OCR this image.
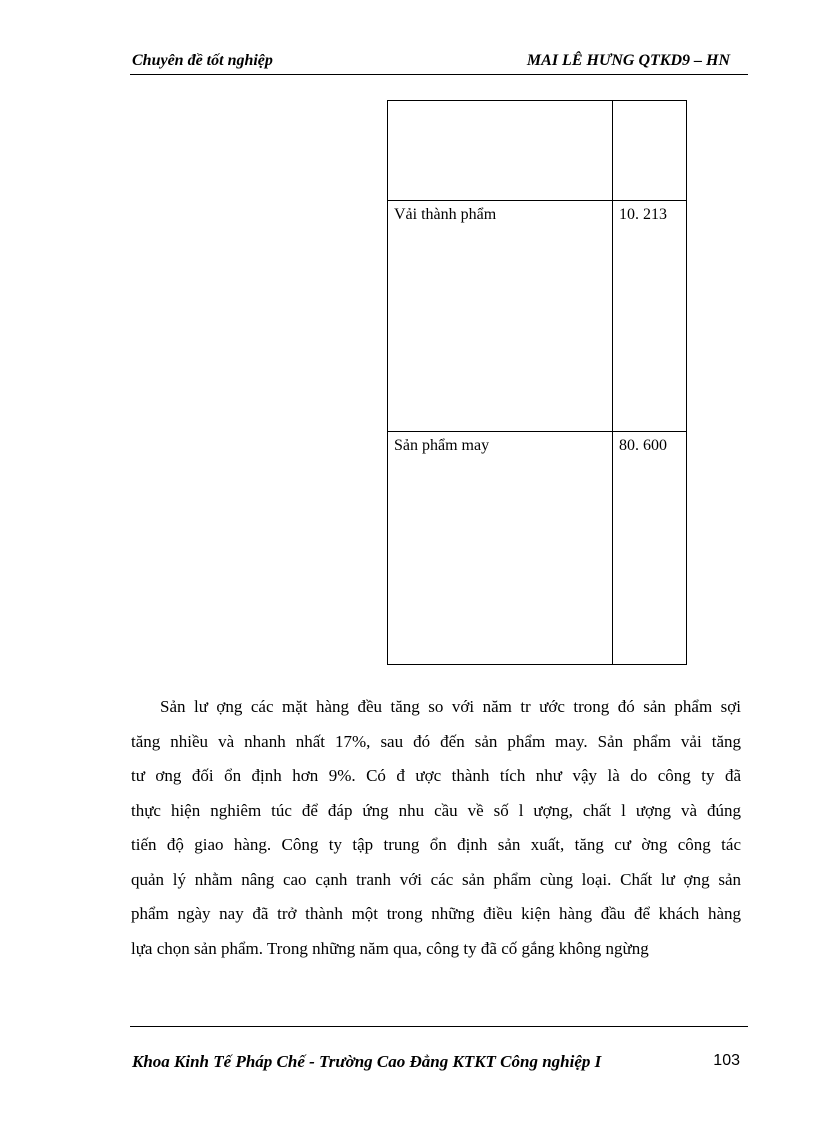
Chuyên đề tốt nghiệp	MAI LÊ HƯNG QTKD9 – HN

Vải thành phẩm	10. 213

Sản phẩm may	80. 600
Sản lư ợng các mặt hàng đều tăng so với năm tr ước trong đó sản phẩm sợi
tăng nhiều và nhanh nhất 17%, sau đó đến sản phẩm may. Sản phẩm vải tăng
tư ơng đối ổn định hơn 9%. Có đ ược thành tích như vậy là do công ty đã
thực hiện nghiêm túc để đáp ứng nhu cầu về số l ượng, chất l ượng và đúng
tiến độ giao hàng. Công ty tập trung ổn định sản xuất, tăng cư ờng công tác
quản lý nhằm nâng cao cạnh tranh với các sản phẩm cùng loại. Chất lư ợng sản
phẩm ngày nay đã trở thành một trong những điều kiện hàng đầu để khách hàng
lựa chọn sản phẩm. Trong những năm qua, công ty đã cố gắng không ngừng
Khoa Kinh Tế Pháp Chế - Trường Cao Đẳng KTKT Công nghiệp I	103
